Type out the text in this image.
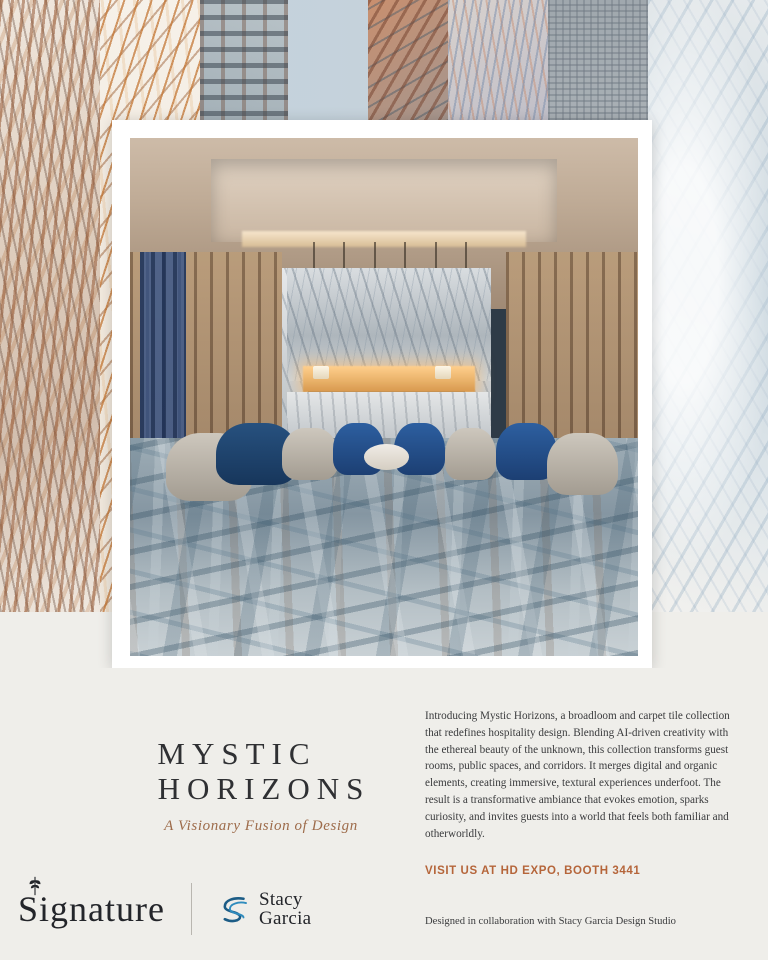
MYSTIC
HORIZONS
A Visionary Fusion of Design
Introducing Mystic Horizons, a broadloom and carpet tile collection that redefines hospitality design. Blending AI-driven creativity with the ethereal beauty of the unknown, this collection transforms guest rooms, public spaces, and corridors. It merges digital and organic elements, creating immersive, textural experiences underfoot. The result is a transformative ambiance that evokes emotion, sparks curiosity, and invites guests into a world that feels both familiar and otherworldly.
VISIT US AT HD EXPO, BOOTH 3441
Designed in collaboration with Stacy Garcia Design Studio
Signature	Stacy
Garcia
